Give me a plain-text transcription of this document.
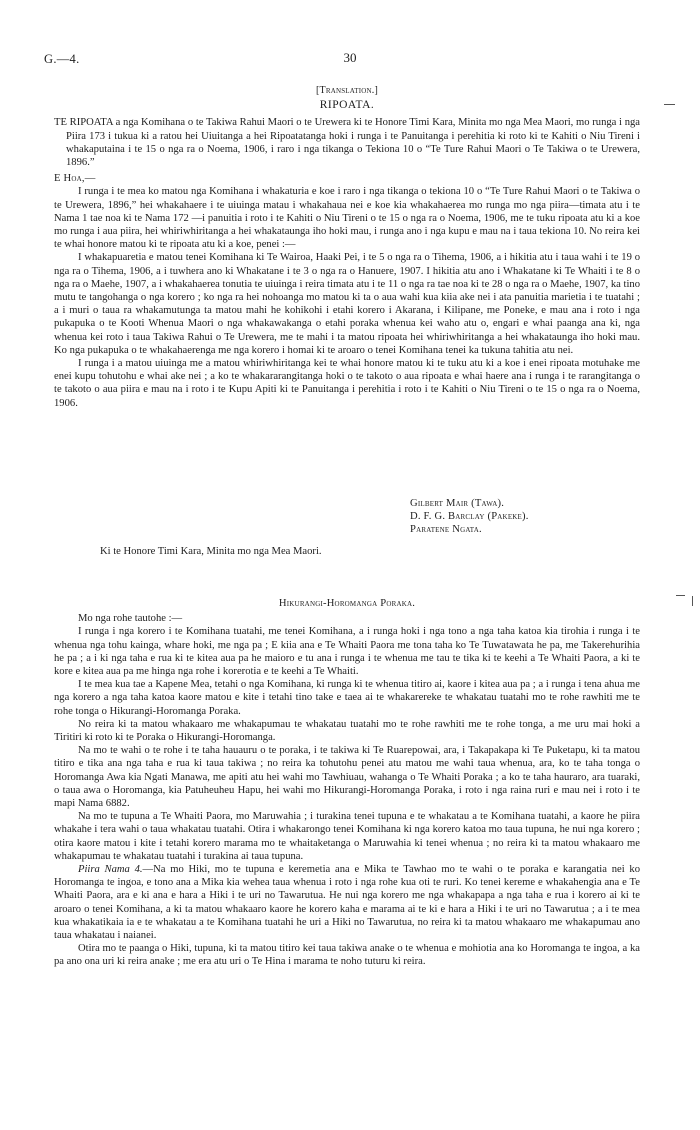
G.—4.	30
[Translation.]
RIPOATA.

TE RIPOATA a nga Komihana o te Takiwa Rahui Maori o te Urewera ki te Honore Timi Kara, Minita mo nga Mea Maori, mo runga i nga Piira 173 i tukua ki a ratou hei Uiuitanga a hei Ripoatatanga hoki i runga i te Panuitanga i perehitia ki roto ki te Kahiti o Niu Tireni i whakaputaina i te 15 o nga ra o Noema, 1906, i raro i nga tikanga o Tekiona 10 o “Te Ture Rahui Maori o Te Takiwa o te Urewera, 1896.”

E Hoa,—

I runga i te mea ko matou nga Komihana i whakaturia e koe i raro i nga tikanga o tekiona 10 o “Te Ture Rahui Maori o te Takiwa o te Urewera, 1896,” hei whakahaere i te uiuinga matau i whakahaua nei e koe kia whakahaerea mo runga mo nga piira—timata atu i te Nama 1 tae noa ki te Nama 172 —i panuitia i roto i te Kahiti o Niu Tireni o te 15 o nga ra o Noema, 1906, me te tuku ripoata atu ki a koe mo runga i aua piira, hei whiriwhiritanga a hei whakataunga iho hoki mau, i runga ano i nga kupu e mau na i taua tekiona 10. No reira kei te whai honore matou ki te ripoata atu ki a koe, penei :—

I whakapuaretia e matou tenei Komihana ki Te Wairoa, Haaki Pei, i te 5 o nga ra o Tihema, 1906, a i hikitia atu i taua wahi i te 19 o nga ra o Tihema, 1906, a i tuwhera ano ki Whakatane i te 3 o nga ra o Hanuere, 1907. I hikitia atu ano i Whakatane ki Te Whaiti i te 8 o nga ra o Maehe, 1907, a i whakahaerea tonutia te uiuinga i reira timata atu i te 11 o nga ra tae noa ki te 28 o nga ra o Maehe, 1907, ka tino mutu te tangohanga o nga korero ; ko nga ra hei nohoanga mo matou ki ta o aua wahi kua kiia ake nei i ata panuitia marietia i te tuatahi ; a i muri o taua ra whakamutunga ta matou mahi he kohikohi i etahi korero i Akarana, i Kilipane, me Poneke, e mau ana i roto i nga pukapuka o te Kooti Whenua Maori o nga whakawakanga o etahi poraka whenua kei waho atu o, engari e whai paanga ana ki, nga whenua kei roto i taua Takiwa Rahui o Te Urewera, me te mahi i ta matou ripoata hei whiriwhiritanga a hei whakataunga iho hoki mau. Ko nga pukapuka o te whakahaerenga me nga korero i homai ki te aroaro o tenei Komihana tenei ka tukuna tahitia atu nei.

I runga i a matou uiuinga me a matou whiriwhiritanga kei te whai honore matou ki te tuku atu ki a koe i enei ripoata motuhake me enei kupu tohutohu e whai ake nei ; a ko te whakararangitanga hoki o te takoto o aua ripoata e whai haere ana i runga i te rarangitanga o te takoto o aua piira e mau na i roto i te Kupu Apiti ki te Panuitanga i perehitia i roto i te Kahiti o Niu Tireni o te 15 o nga ra o Noema, 1906.

Gilbert Mair (Tawa).
D. F. G. Barclay (Pakeke).
Paratene Ngata.
Ki te Honore Timi Kara, Minita mo nga Mea Maori.
Hikurangi-Horomanga Poraka.

Mo nga rohe tautohe :—

I runga i nga korero i te Komihana tuatahi, me tenei Komihana, a i runga hoki i nga tono a nga taha katoa kia tirohia i runga i te whenua nga tohu kainga, whare hoki, me nga pa ; E kiia ana e Te Whaiti Paora me tona taha ko Te Tuwatawata he pa, me Takerehurihia he pa ; a i ki nga taha e rua ki te kitea aua pa he maioro e tu ana i runga i te whenua me tau te tika ki te keehi a Te Whaiti Paora, a ki te kore e kitea aua pa me hinga nga rohe i korerotia e te keehi a Te Whaiti.

I te mea kua tae a Kapene Mea, tetahi o nga Komihana, ki runga ki te whenua titiro ai, kaore i kitea aua pa ; a i runga i tena ahua me nga korero a nga taha katoa kaore matou e kite i tetahi tino take e taea ai te whakarereke te whakatau tuatahi mo te rohe rawhiti me te rohe tonga o Hikurangi-Horomanga Poraka.

No reira ki ta matou whakaaro me whakapumau te whakatau tuatahi mo te rohe rawhiti me te rohe tonga, a me uru mai hoki a Tiritiri ki roto ki te Poraka o Hikurangi-Horomanga.

Na mo te wahi o te rohe i te taha hauauru o te poraka, i te takiwa ki Te Ruarepowai, ara, i Takapakapa ki Te Puketapu, ki ta matou titiro e tika ana nga taha e rua ki taua takiwa ; no reira ka tohutohu penei atu matou me wahi taua whenua, ara, ko te taha tonga o Horomanga Awa kia Ngati Manawa, me apiti atu hei wahi mo Tawhiuau, wahanga o Te Whaiti Poraka ; a ko te taha hauraro, ara tuaraki, o taua awa o Horomanga, kia Patuheuheu Hapu, hei wahi mo Hikurangi-Horomanga Poraka, i roto i nga raina ruri e mau nei i roto i te mapi Nama 6882.

Na mo te tupuna a Te Whaiti Paora, mo Maruwahia ; i turakina tenei tupuna e te whakatau a te Komihana tuatahi, a kaore he piira whakahe i tera wahi o taua whakatau tuatahi. Otira i whakarongo tenei Komihana ki nga korero katoa mo taua tupuna, he nui nga korero ; otira kaore matou i kite i tetahi korero marama mo te whaitaketanga o Maruwahia ki tenei whenua ; no reira ki ta matou whakaaro me whakapumau te whakatau tuatahi i turakina ai taua tupuna.

Piira Nama 4.—Na mo Hiki, mo te tupuna e keremetia ana e Mika te Tawhao mo te wahi o te poraka e karangatia nei ko Horomanga te ingoa, e tono ana a Mika kia wehea taua whenua i roto i nga rohe kua oti te ruri. Ko tenei kereme e whakahengia ana e Te Whaiti Paora, ara e ki ana e hara a Hiki i te uri no Tawarutua. He nui nga korero me nga whakapapa a nga taha e rua i korero ai ki te aroaro o tenei Komihana, a ki ta matou whakaaro kaore he korero kaha e marama ai te ki e hara a Hiki i te uri no Tawarutua ; a i te mea kua whakatikaia ia e te whakatau a te Komihana tuatahi he uri a Hiki no Tawarutua, no reira ki ta matou whakaaro me whakapumau ano taua whakatau i naianei.

Otira mo te paanga o Hiki, tupuna, ki ta matou titiro kei taua takiwa anake o te whenua e mohiotia ana ko Horomanga te ingoa, a ka pa ano ona uri ki reira anake ; me era atu uri o Te Hina i marama te noho tuturu ki reira.
